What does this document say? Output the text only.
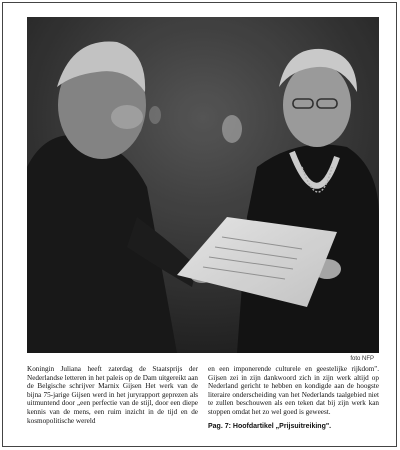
foto NFP

Koningin Juliana heeft zaterdag de Staatsprijs der Nederlandse letteren in het paleis op de Dam uitgereikt aan de Belgische schrijver Marnix Gijsen Het werk van de bijna 75-jarige Gijsen werd in het juryrapport geprezen als uitmuntend door „een perfectie van de stijl, door een diepe kennis van de mens, een ruim inzicht in de tijd en de kosmopolitische wereld

en een imponerende culturele en geestelijke rijkdom". Gijsen zei in zijn dankwoord zich in zijn werk altijd op Nederland gericht te hebben en kondigde aan de hoogste literaire onderscheiding van het Nederlands taalgebied niet te zullen beschouwen als een teken dat bij zijn werk kan stoppen omdat het zo wel goed is geweest.

Pag. 7: Hoofdartikel „Prijsuitreiking".
